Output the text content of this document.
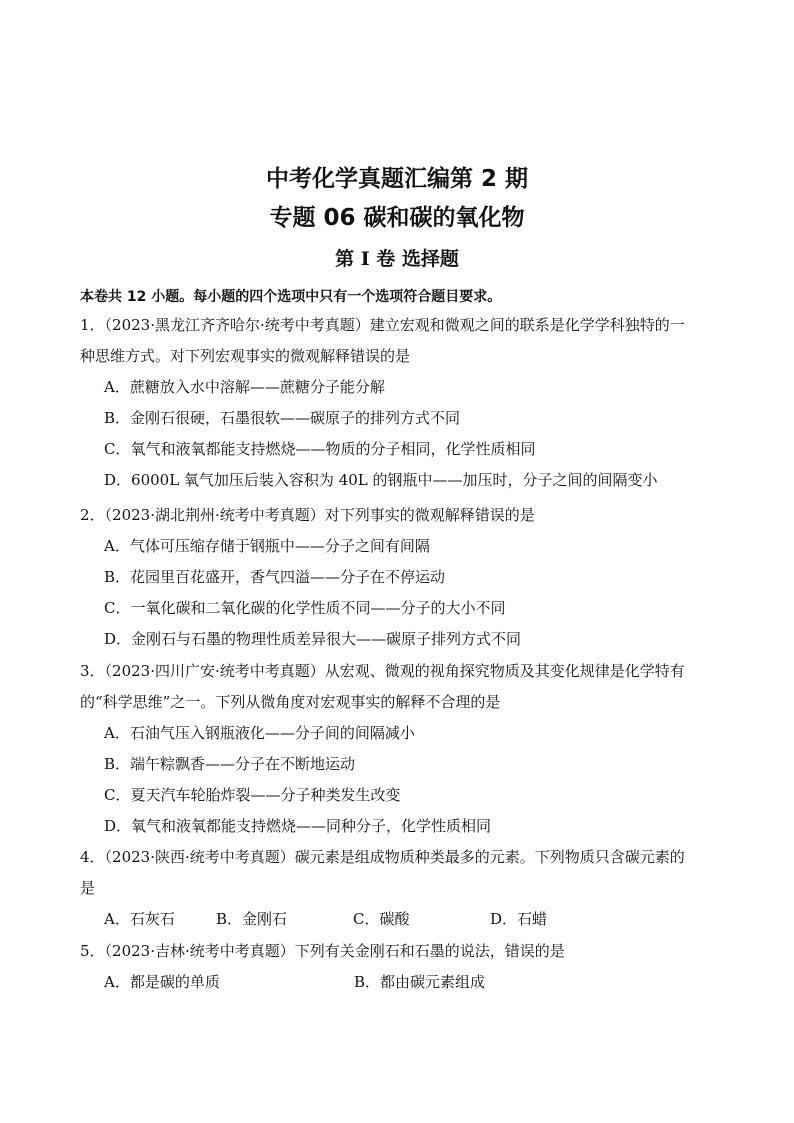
中考化学真题汇编第 2 期
专题 06 碳和碳的氧化物
第 I 卷 选择题
本卷共 12 小题。每小题的四个选项中只有一个选项符合题目要求。
1．（2023·黑龙江齐齐哈尔·统考中考真题）建立宏观和微观之间的联系是化学学科独特的一
种思维方式。对下列宏观事实的微观解释错误的是
A．蔗糖放入水中溶解——蔗糖分子能分解
B．金刚石很硬，石墨很软——碳原子的排列方式不同
C．氧气和液氧都能支持燃烧——物质的分子相同，化学性质相同
D．6000L 氧气加压后装入容积为 40L 的钢瓶中——加压时，分子之间的间隔变小
2．（2023·湖北荆州·统考中考真题）对下列事实的微观解释错误的是
A．气体可压缩存储于钢瓶中——分子之间有间隔
B．花园里百花盛开，香气四溢——分子在不停运动
C．一氧化碳和二氧化碳的化学性质不同——分子的大小不同
D．金刚石与石墨的物理性质差异很大——碳原子排列方式不同
3．（2023·四川广安·统考中考真题）从宏观、微观的视角探究物质及其变化规律是化学特有
的“科学思维”之一。下列从微角度对宏观事实的解释不合理的是
A．石油气压入钢瓶液化——分子间的间隔减小
B．端午粽飘香——分子在不断地运动
C．夏天汽车轮胎炸裂——分子种类发生改变
D．氧气和液氧都能支持燃烧——同种分子，化学性质相同
4．（2023·陕西·统考中考真题）碳元素是组成物质种类最多的元素。下列物质只含碳元素的
是
A．石灰石	B．金刚石	C．碳酸	D．石蜡
5．（2023·吉林·统考中考真题）下列有关金刚石和石墨的说法，错误的是
A．都是碳的单质	B．都由碳元素组成
